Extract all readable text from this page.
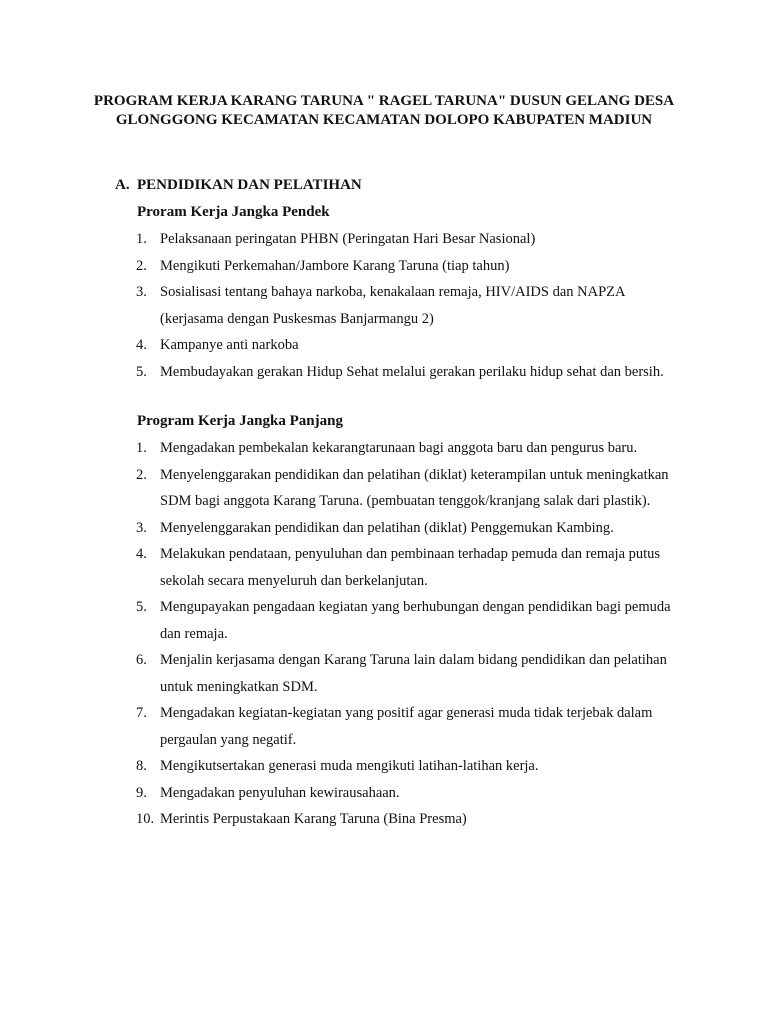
PROGRAM KERJA KARANG TARUNA " RAGEL TARUNA" DUSUN GELANG DESA
GLONGGONG KECAMATAN KECAMATAN DOLOPO KABUPATEN MADIUN
A. PENDIDIKAN DAN PELATIHAN
Proram Kerja Jangka Pendek
1. Pelaksanaan peringatan PHBN (Peringatan Hari Besar Nasional)
2. Mengikuti Perkemahan/Jambore Karang Taruna (tiap tahun)
3. Sosialisasi tentang bahaya narkoba, kenakalaan remaja, HIV/AIDS dan NAPZA
(kerjasama dengan Puskesmas Banjarmangu 2)
4. Kampanye anti narkoba
5. Membudayakan gerakan Hidup Sehat melalui gerakan perilaku hidup sehat dan bersih.
Program Kerja Jangka Panjang
1. Mengadakan pembekalan kekarangtarunaan bagi anggota baru dan pengurus baru.
2. Menyelenggarakan pendidikan dan pelatihan (diklat) keterampilan untuk meningkatkan
SDM bagi anggota Karang Taruna. (pembuatan tenggok/kranjang salak dari plastik).
3. Menyelenggarakan pendidikan dan pelatihan (diklat) Penggemukan Kambing.
4. Melakukan pendataan, penyuluhan dan pembinaan terhadap pemuda dan remaja putus
sekolah secara menyeluruh dan berkelanjutan.
5. Mengupayakan pengadaan kegiatan yang berhubungan dengan pendidikan bagi pemuda
dan remaja.
6. Menjalin kerjasama dengan Karang Taruna lain dalam bidang pendidikan dan pelatihan
untuk meningkatkan SDM.
7. Mengadakan kegiatan-kegiatan yang positif agar generasi muda tidak terjebak dalam
pergaulan yang negatif.
8. Mengikutsertakan generasi muda mengikuti latihan-latihan kerja.
9. Mengadakan penyuluhan kewirausahaan.
10. Merintis Perpustakaan Karang Taruna (Bina Presma)
